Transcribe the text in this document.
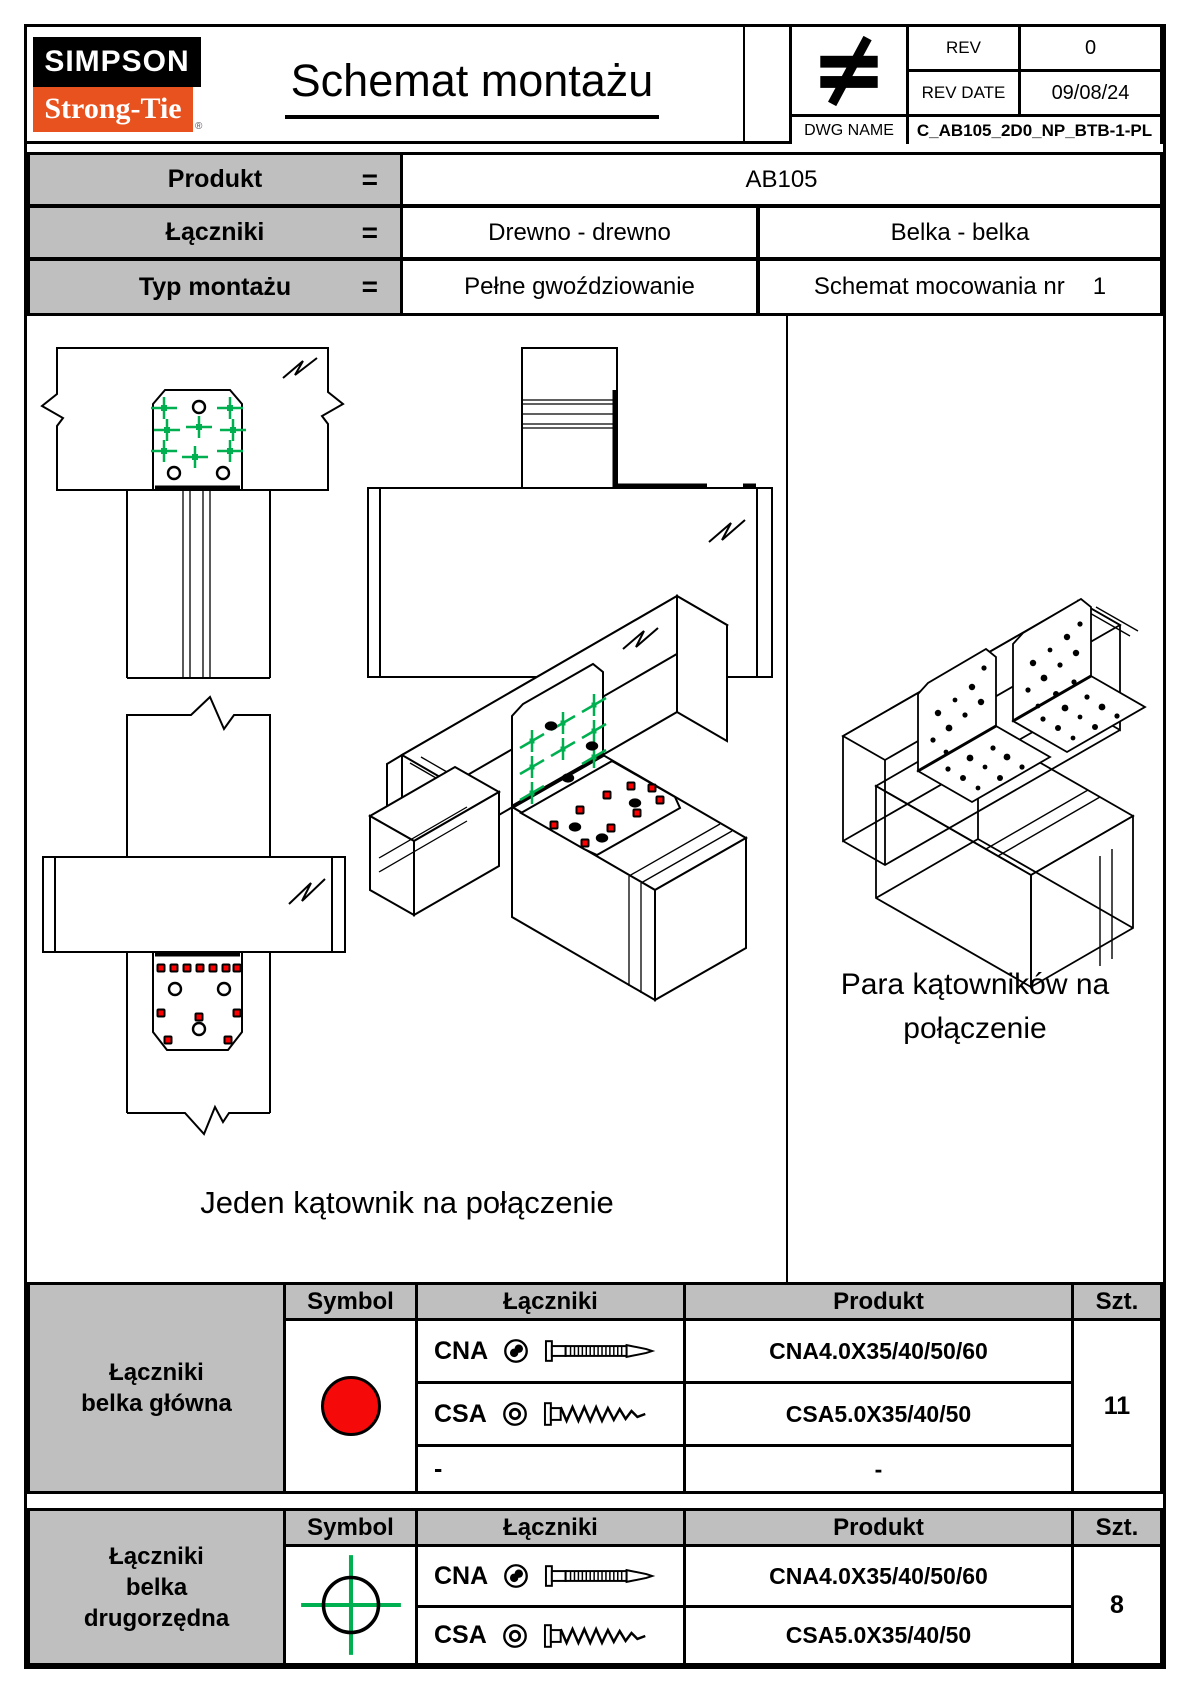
SIMPSON
Strong-Tie
®
Schemat montażu
REV	0
REV DATE	09/08/24
DWG NAME	C_AB105_2D0_NP_BTB-1-PL
Produkt	=	AB105
Łączniki	=	Drewno - drewno	Belka - belka
Typ montażu	=	Pełne gwoździowanie	Schemat mocowania nr 1
Jeden kątownik na połączenie
Para kątowników na
połączenie
Łączniki
belka główna
Symbol	Łączniki	Produkt	Szt.
CNA	CNA4.0X35/40/50/60
CSA	CSA5.0X35/40/50
-	-
11
Łączniki
belka
drugorzędna
Symbol	Łączniki	Produkt	Szt.
CNA	CNA4.0X35/40/50/60
CSA	CSA5.0X35/40/50
8
